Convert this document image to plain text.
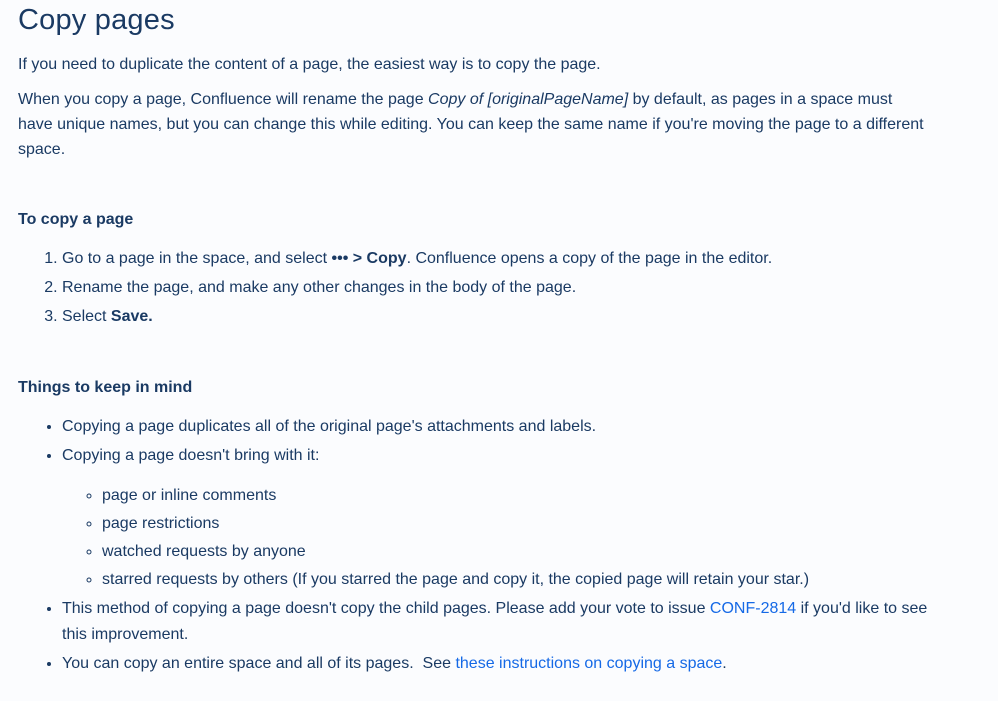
Copy pages

If you need to duplicate the content of a page, the easiest way is to copy the page.

When you copy a page, Confluence will rename the page Copy of [originalPageName] by default, as pages in a space must have unique names, but you can change this while editing. You can keep the same name if you're moving the page to a different space.

To copy a page
1. Go to a page in the space, and select ••• > Copy. Confluence opens a copy of the page in the editor.
2. Rename the page, and make any other changes in the body of the page.
3. Select Save.
Things to keep in mind
• Copying a page duplicates all of the original page's attachments and labels.
• Copying a page doesn't bring with it:
◦ page or inline comments
◦ page restrictions
◦ watched requests by anyone
◦ starred requests by others (If you starred the page and copy it, the copied page will retain your star.)
• This method of copying a page doesn't copy the child pages. Please add your vote to issue CONF-2814 if you'd like to see this improvement.
• You can copy an entire space and all of its pages.  See these instructions on copying a space.
